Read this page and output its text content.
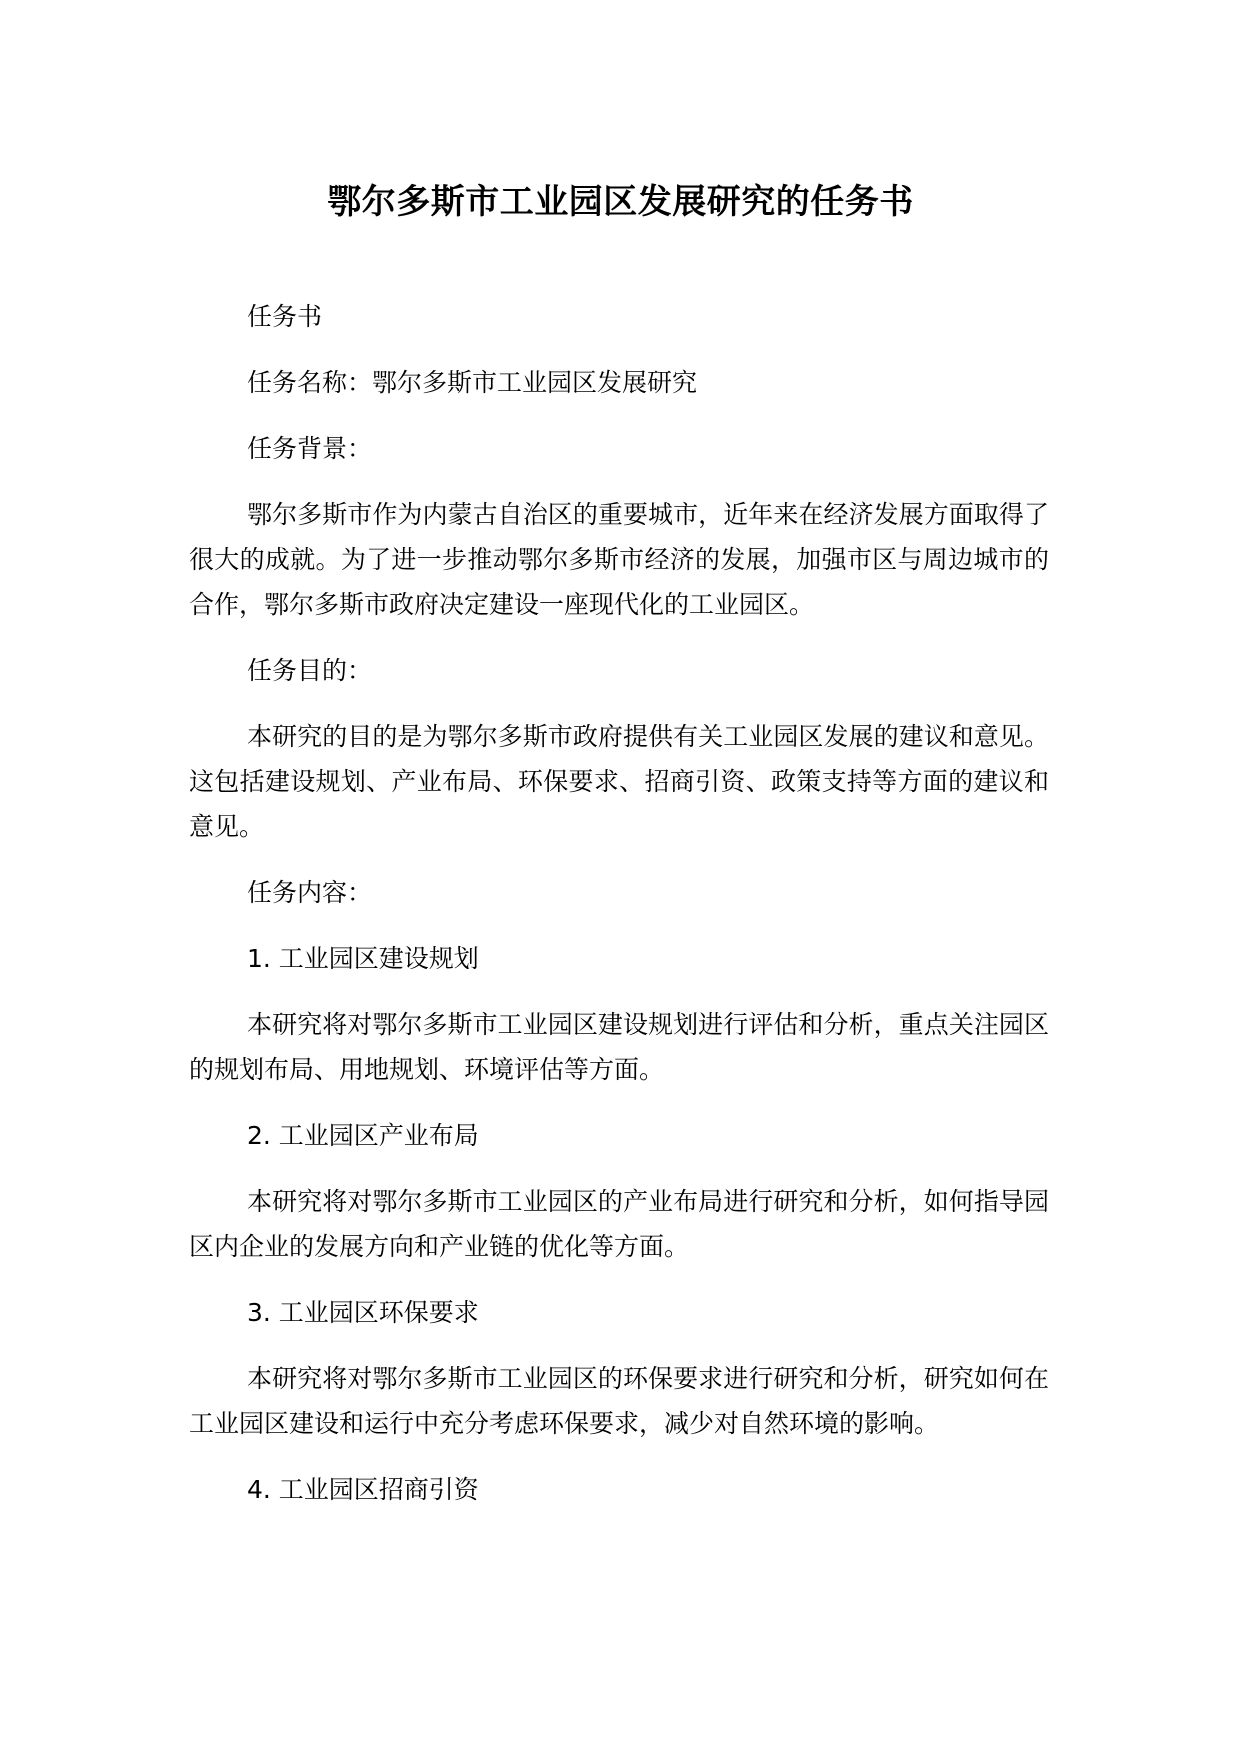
鄂尔多斯市工业园区发展研究的任务书

任务书

任务名称：鄂尔多斯市工业园区发展研究

任务背景：

鄂尔多斯市作为内蒙古自治区的重要城市，近年来在经济发展方面取得了很大的成就。为了进一步推动鄂尔多斯市经济的发展，加强市区与周边城市的合作，鄂尔多斯市政府决定建设一座现代化的工业园区。

任务目的：

本研究的目的是为鄂尔多斯市政府提供有关工业园区发展的建议和意见。这包括建设规划、产业布局、环保要求、招商引资、政策支持等方面的建议和意见。

任务内容：

1. 工业园区建设规划

本研究将对鄂尔多斯市工业园区建设规划进行评估和分析，重点关注园区的规划布局、用地规划、环境评估等方面。

2. 工业园区产业布局

本研究将对鄂尔多斯市工业园区的产业布局进行研究和分析，如何指导园区内企业的发展方向和产业链的优化等方面。

3. 工业园区环保要求

本研究将对鄂尔多斯市工业园区的环保要求进行研究和分析，研究如何在工业园区建设和运行中充分考虑环保要求，减少对自然环境的影响。

4. 工业园区招商引资
